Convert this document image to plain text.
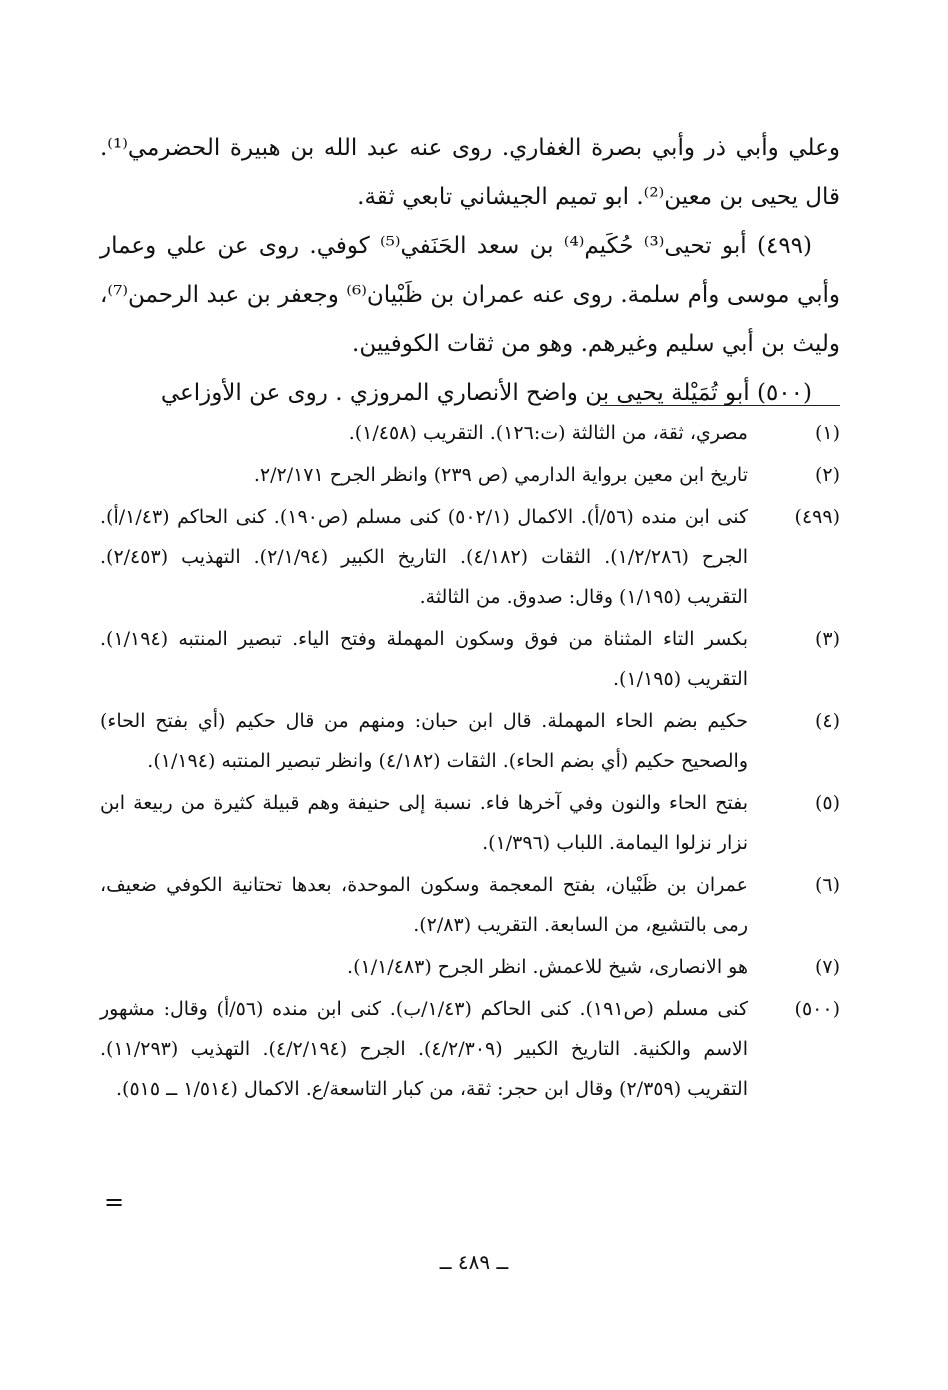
وعلي وأبي ذر وأبي بصرة الغفاري. روى عنه عبد الله بن هبيرة الحضرمي⁽¹⁾. قال يحيى بن معين⁽²⁾. ابو تميم الجيشاني تابعي ثقة.

(٤٩٩) أبو تحيى⁽³⁾ حُكَيم⁽⁴⁾ بن سعد الحَنَفي⁽⁵⁾ كوفي. روى عن علي وعمار وأبي موسى وأم سلمة. روى عنه عمران بن ظَبْيان⁽⁶⁾ وجعفر بن عبد الرحمن⁽⁷⁾، وليث بن أبي سليم وغيرهم. وهو من ثقات الكوفيين.

(٥٠٠) أبو تُمَيْلة يحيى بن واضح الأنصاري المروزي . روى عن الأوزاعي

(١)
مصري، ثقة، من الثالثة (ت:١٢٦). التقريب (١/٤٥٨).
(٢)
تاريخ ابن معين برواية الدارمي (ص ٢٣٩) وانظر الجرح ٢/٢/١٧١.
(٤٩٩)
كنى ابن منده (٥٦/أ). الاكمال (٥٠٢/١) كنى مسلم (ص١٩٠). كنى الحاكم (١/٤٣/أ). الجرح (١/٢/٢٨٦). الثقات (٤/١٨٢). التاريخ الكبير (٢/١/٩٤). التهذيب (٢/٤٥٣). التقريب (١/١٩٥) وقال: صدوق. من الثالثة.
(٣)
بكسر التاء المثناة من فوق وسكون المهملة وفتح الياء. تبصير المنتبه (١/١٩٤). التقريب (١/١٩٥).
(٤)
حكيم بضم الحاء المهملة. قال ابن حبان: ومنهم من قال حكيم (أي بفتح الحاء) والصحيح حكيم (أي بضم الحاء). الثقات (٤/١٨٢) وانظر تبصير المنتبه (١/١٩٤).
(٥)
بفتح الحاء والنون وفي آخرها فاء. نسبة إلى حنيفة وهم قبيلة كثيرة من ربيعة ابن نزار نزلوا اليمامة. اللباب (١/٣٩٦).
(٦)
عمران بن ظَبْيان، بفتح المعجمة وسكون الموحدة، بعدها تحتانية الكوفي ضعيف، رمى بالتشيع، من السابعة. التقريب (٢/٨٣).
(٧)
هو الانصارى، شيخ للاعمش. انظر الجرح (١/١/٤٨٣).
(٥٠٠)
كنى مسلم (ص١٩١). كنى الحاكم (١/٤٣/ب). كنى ابن منده (٥٦/أ) وقال: مشهور الاسم والكنية. التاريخ الكبير (٤/٢/٣٠٩). الجرح (٤/٢/١٩٤). التهذيب (١١/٢٩٣). التقريب (٢/٣٥٩) وقال ابن حجر: ثقة، من كبار التاسعة/ع. الاكمال (١/٥١٤ ــ ٥١٥).
=
ــ ٤٨٩ ــ
